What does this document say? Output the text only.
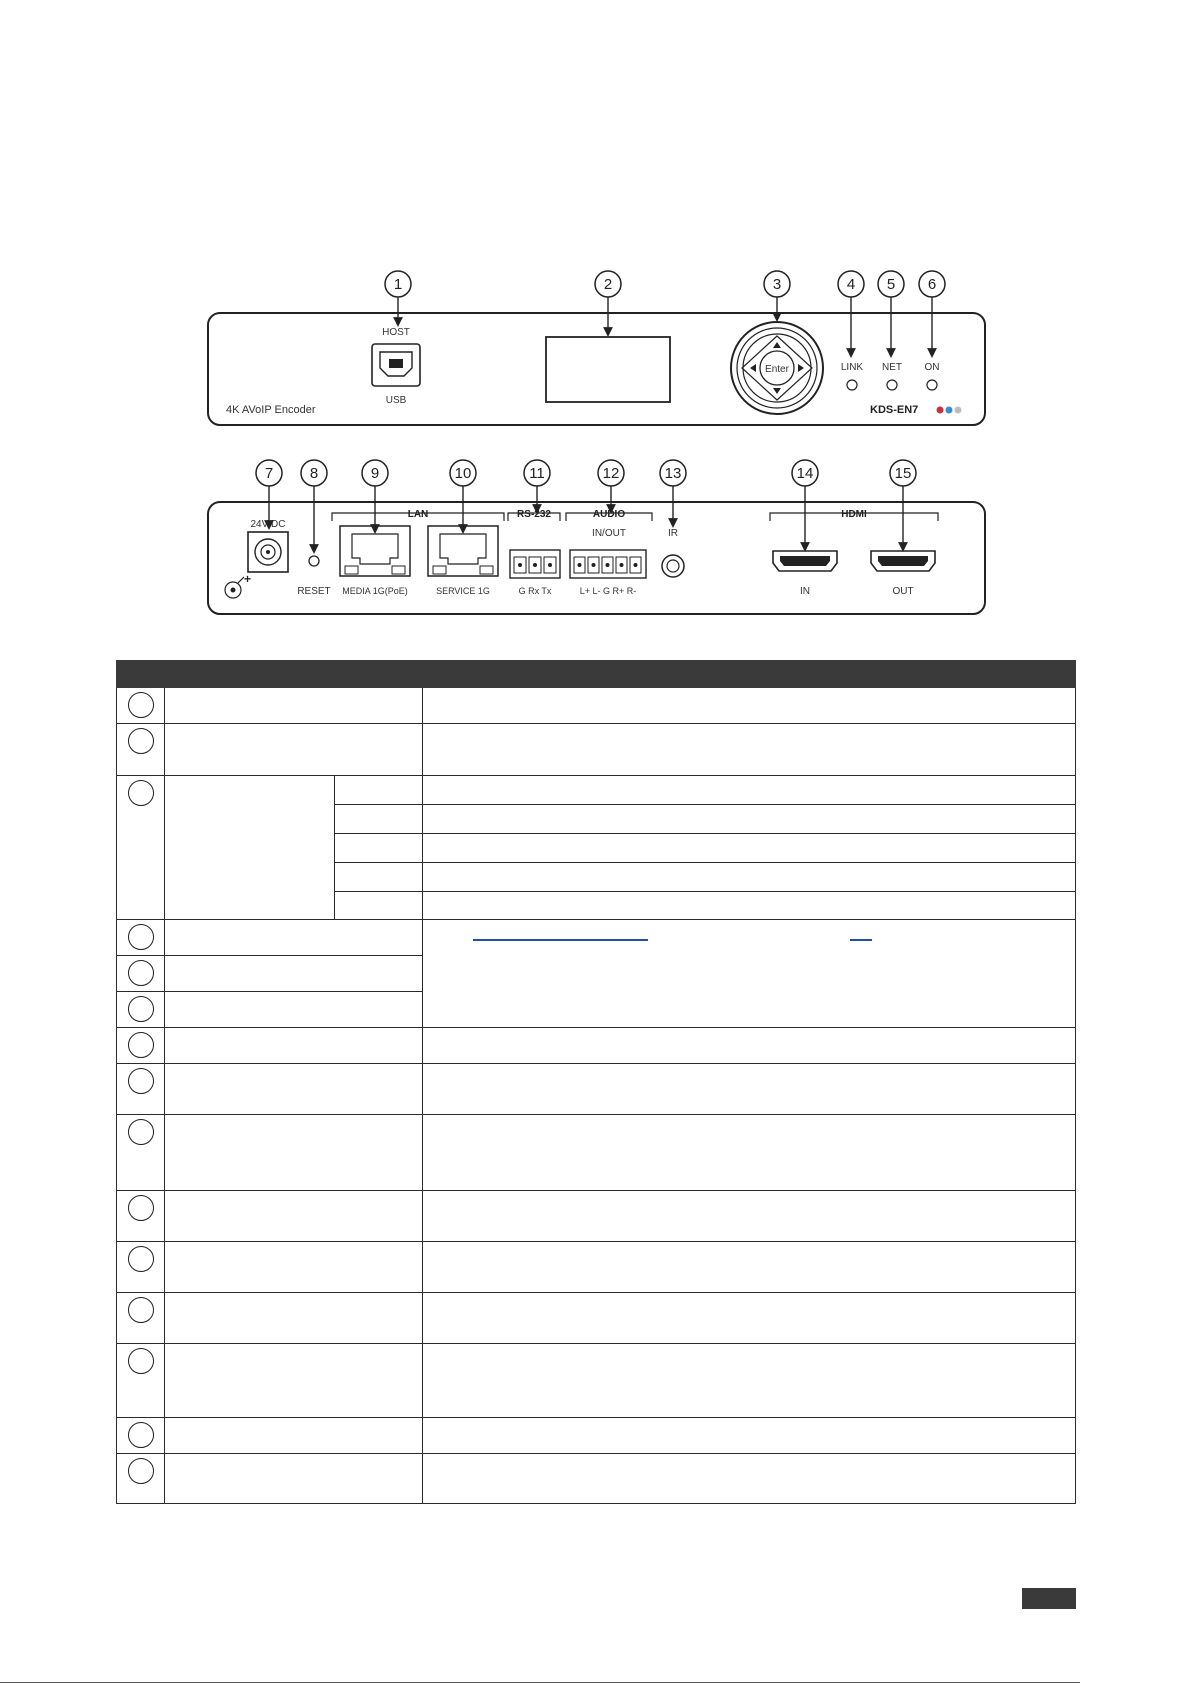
HOST
USB
4K AVoIP Encoder
Enter	LINK NET ON
KDS-EN7
24V DC
+
RESET
LAN
MEDIA 1G(PoE)	SERVICE 1G
RS-232
G Rx Tx
AUDIO
IN/OUT
L+ L- G R+ R-
IR
HDMI
IN	OUT
1	2	3	4 5 6
7 8	9	10	11	12	13	14	15
